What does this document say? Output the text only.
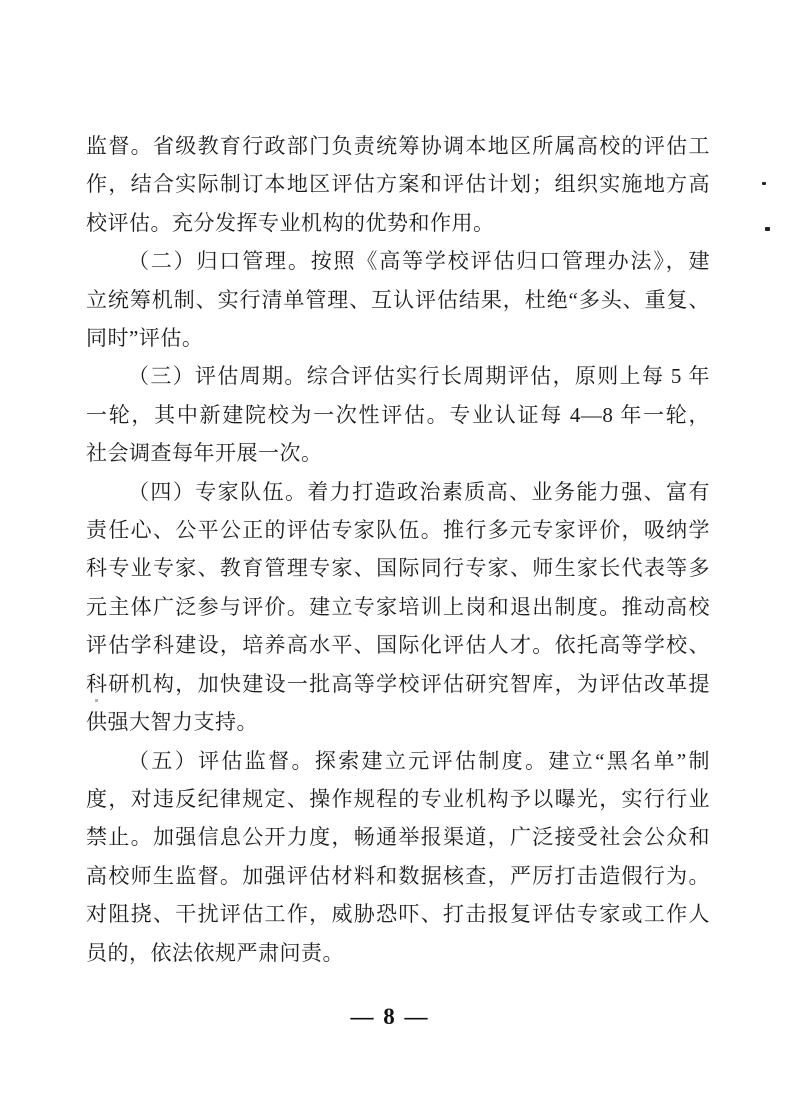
监督。省级教育行政部门负责统筹协调本地区所属高校的评估工
作，结合实际制订本地区评估方案和评估计划；组织实施地方高
校评估。充分发挥专业机构的优势和作用。
（二）归口管理。按照《高等学校评估归口管理办法》，建
立统筹机制、实行清单管理、互认评估结果，杜绝“多头、重复、
同时”评估。
（三）评估周期。综合评估实行长周期评估，原则上每 5 年
一轮，其中新建院校为一次性评估。专业认证每 4—8 年一轮，
社会调查每年开展一次。
（四）专家队伍。着力打造政治素质高、业务能力强、富有
责任心、公平公正的评估专家队伍。推行多元专家评价，吸纳学
科专业专家、教育管理专家、国际同行专家、师生家长代表等多
元主体广泛参与评价。建立专家培训上岗和退出制度。推动高校
评估学科建设，培养高水平、国际化评估人才。依托高等学校、
科研机构，加快建设一批高等学校评估研究智库，为评估改革提
供强大智力支持。
（五）评估监督。探索建立元评估制度。建立“黑名单”制
度，对违反纪律规定、操作规程的专业机构予以曝光，实行行业
禁止。加强信息公开力度，畅通举报渠道，广泛接受社会公众和
高校师生监督。加强评估材料和数据核查，严厉打击造假行为。
对阻挠、干扰评估工作，威胁恐吓、打击报复评估专家或工作人
员的，依法依规严肃问责。
— 8 —
